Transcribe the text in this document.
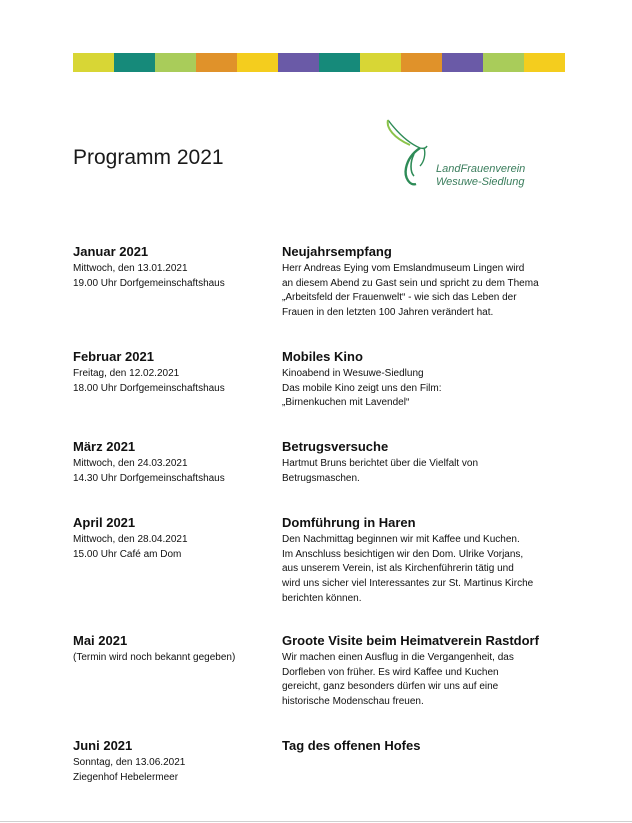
Programm 2021	LandFrauenverein
Wesuwe-Siedlung
Januar 2021
Mittwoch, den 13.01.2021
19.00 Uhr Dorfgemeinschaftshaus
Neujahrsempfang
Herr Andreas Eying vom Emslandmuseum Lingen wird
an diesem Abend zu Gast sein und spricht zu dem Thema
„Arbeitsfeld der Frauenwelt“ - wie sich das Leben der
Frauen in den letzten 100 Jahren verändert hat.
Februar 2021
Freitag, den 12.02.2021
18.00 Uhr Dorfgemeinschaftshaus
Mobiles Kino
Kinoabend in Wesuwe-Siedlung
Das mobile Kino zeigt uns den Film:
„Birnenkuchen mit Lavendel“
März 2021
Mittwoch, den 24.03.2021
14.30 Uhr Dorfgemeinschaftshaus
Betrugsversuche
Hartmut Bruns berichtet über die Vielfalt von
Betrugsmaschen.
April 2021
Mittwoch, den 28.04.2021
15.00 Uhr Café am Dom
Domführung in Haren
Den Nachmittag beginnen wir mit Kaffee und Kuchen.
Im Anschluss besichtigen wir den Dom. Ulrike Vorjans,
aus unserem Verein, ist als Kirchenführerin tätig und
wird uns sicher viel Interessantes zur St. Martinus Kirche
berichten können.
Mai 2021
(Termin wird noch bekannt gegeben)
Groote Visite beim Heimatverein Rastdorf
Wir machen einen Ausflug in die Vergangenheit, das
Dorfleben von früher. Es wird Kaffee und Kuchen
gereicht, ganz besonders dürfen wir uns auf eine
historische Modenschau freuen.
Juni 2021
Sonntag, den 13.06.2021
Ziegenhof Hebelermeer
Tag des offenen Hofes
